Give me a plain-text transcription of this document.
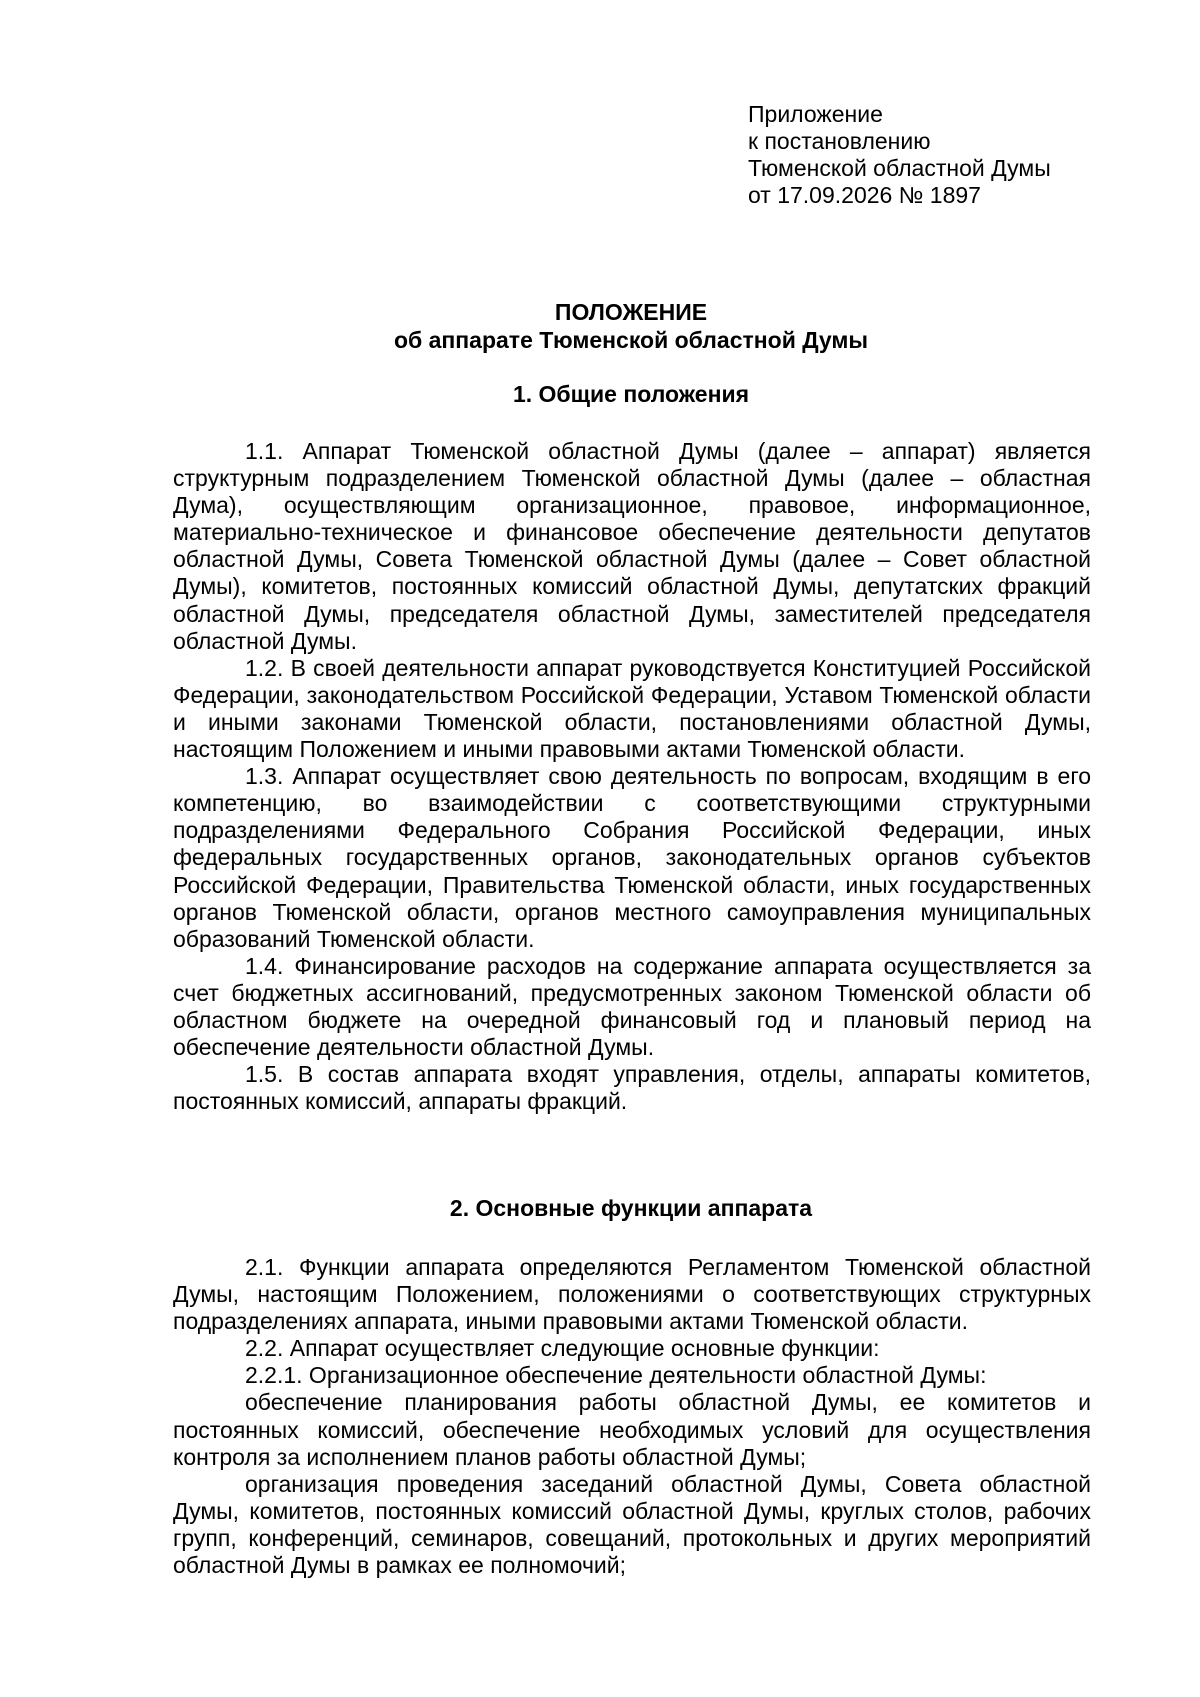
Приложение
к постановлению
Тюменской областной Думы
от 17.09.2026 № 1897
ПОЛОЖЕНИЕ
об аппарате Тюменской областной Думы
1. Общие положения

1.1. Аппарат Тюменской областной Думы (далее – аппарат) является структурным подразделением Тюменской областной Думы (далее – областная Дума), осуществляющим организационное, правовое, информационное, материально-техническое и финансовое обеспечение деятельности депутатов областной Думы, Совета Тюменской областной Думы (далее – Совет областной Думы), комитетов, постоянных комиссий областной Думы, депутатских фракций областной Думы, председателя областной Думы, заместителей председателя областной Думы.

1.2. В своей деятельности аппарат руководствуется Конституцией Российской Федерации, законодательством Российской Федерации, Уставом Тюменской области и иными законами Тюменской области, постановлениями областной Думы, настоящим Положением и иными правовыми актами Тюменской области.

1.3. Аппарат осуществляет свою деятельность по вопросам, входящим в его компетенцию, во взаимодействии с соответствующими структурными подразделениями Федерального Собрания Российской Федерации, иных федеральных государственных органов, законодательных органов субъектов Российской Федерации, Правительства Тюменской области, иных государственных органов Тюменской области, органов местного самоуправления муниципальных образований Тюменской области.

1.4. Финансирование расходов на содержание аппарата осуществляется за счет бюджетных ассигнований, предусмотренных законом Тюменской области об областном бюджете на очередной финансовый год и плановый период на обеспечение деятельности областной Думы.

1.5. В состав аппарата входят управления, отделы, аппараты комитетов, постоянных комиссий, аппараты фракций.

2. Основные функции аппарата

2.1. Функции аппарата определяются Регламентом Тюменской областной Думы, настоящим Положением, положениями о соответствующих структурных подразделениях аппарата, иными правовыми актами Тюменской области.

2.2. Аппарат осуществляет следующие основные функции:

2.2.1. Организационное обеспечение деятельности областной Думы:

обеспечение планирования работы областной Думы, ее комитетов и постоянных комиссий, обеспечение необходимых условий для осуществления контроля за исполнением планов работы областной Думы;

организация проведения заседаний областной Думы, Совета областной Думы, комитетов, постоянных комиссий областной Думы, круглых столов, рабочих групп, конференций, семинаров, совещаний, протокольных и других мероприятий областной Думы в рамках ее полномочий;
